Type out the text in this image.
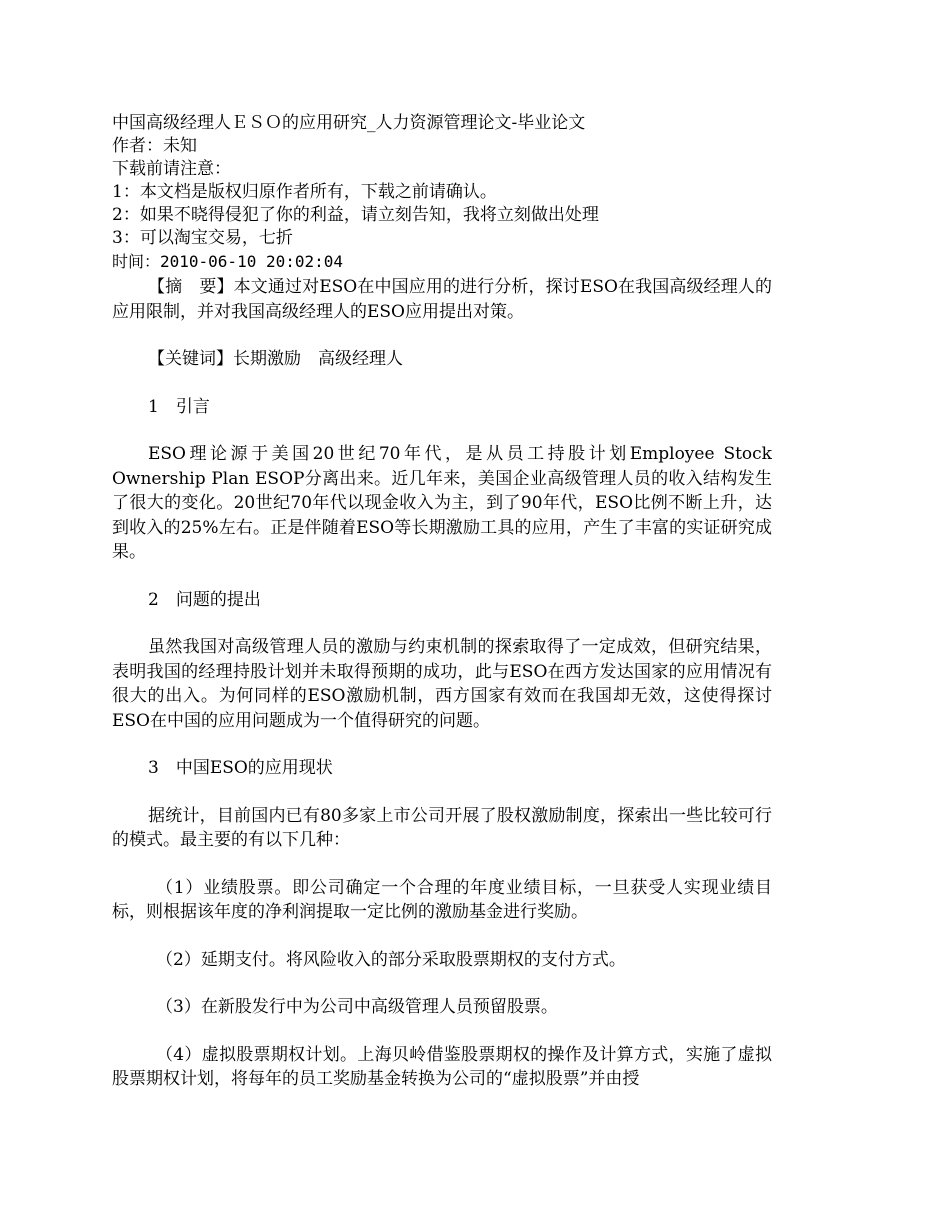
中国高级经理人ＥＳＯ的应用研究_人力资源管理论文-毕业论文
作者：未知
下载前请注意：
1：本文档是版权归原作者所有，下载之前请确认。
2：如果不晓得侵犯了你的利益，请立刻告知，我将立刻做出处理
3：可以淘宝交易，七折
时间：2010-06-10 20:02:04

【摘　要】本文通过对ESO在中国应用的进行分析，探讨ESO在我国高级经理人的应用限制，并对我国高级经理人的ESO应用提出对策。

【关键词】长期激励　高级经理人

1　引言

ESO理论源于美国20世纪70年代，是从员工持股计划Employee Stock Ownership Plan ESOP分离出来。近几年来，美国企业高级管理人员的收入结构发生了很大的变化。20世纪70年代以现金收入为主，到了90年代，ESO比例不断上升，达到收入的25%左右。正是伴随着ESO等长期激励工具的应用，产生了丰富的实证研究成果。

2　问题的提出

虽然我国对高级管理人员的激励与约束机制的探索取得了一定成效，但研究结果，表明我国的经理持股计划并未取得预期的成功，此与ESO在西方发达国家的应用情况有很大的出入。为何同样的ESO激励机制，西方国家有效而在我国却无效，这使得探讨ESO在中国的应用问题成为一个值得研究的问题。

3　中国ESO的应用现状

据统计，目前国内已有80多家上市公司开展了股权激励制度，探索出一些比较可行的模式。最主要的有以下几种：

（1）业绩股票。即公司确定一个合理的年度业绩目标，一旦获受人实现业绩目标，则根据该年度的净利润提取一定比例的激励基金进行奖励。

（2）延期支付。将风险收入的部分采取股票期权的支付方式。

（3）在新股发行中为公司中高级管理人员预留股票。

（4）虚拟股票期权计划。上海贝岭借鉴股票期权的操作及计算方式，实施了虚拟股票期权计划，将每年的员工奖励基金转换为公司的“虚拟股票”并由授
